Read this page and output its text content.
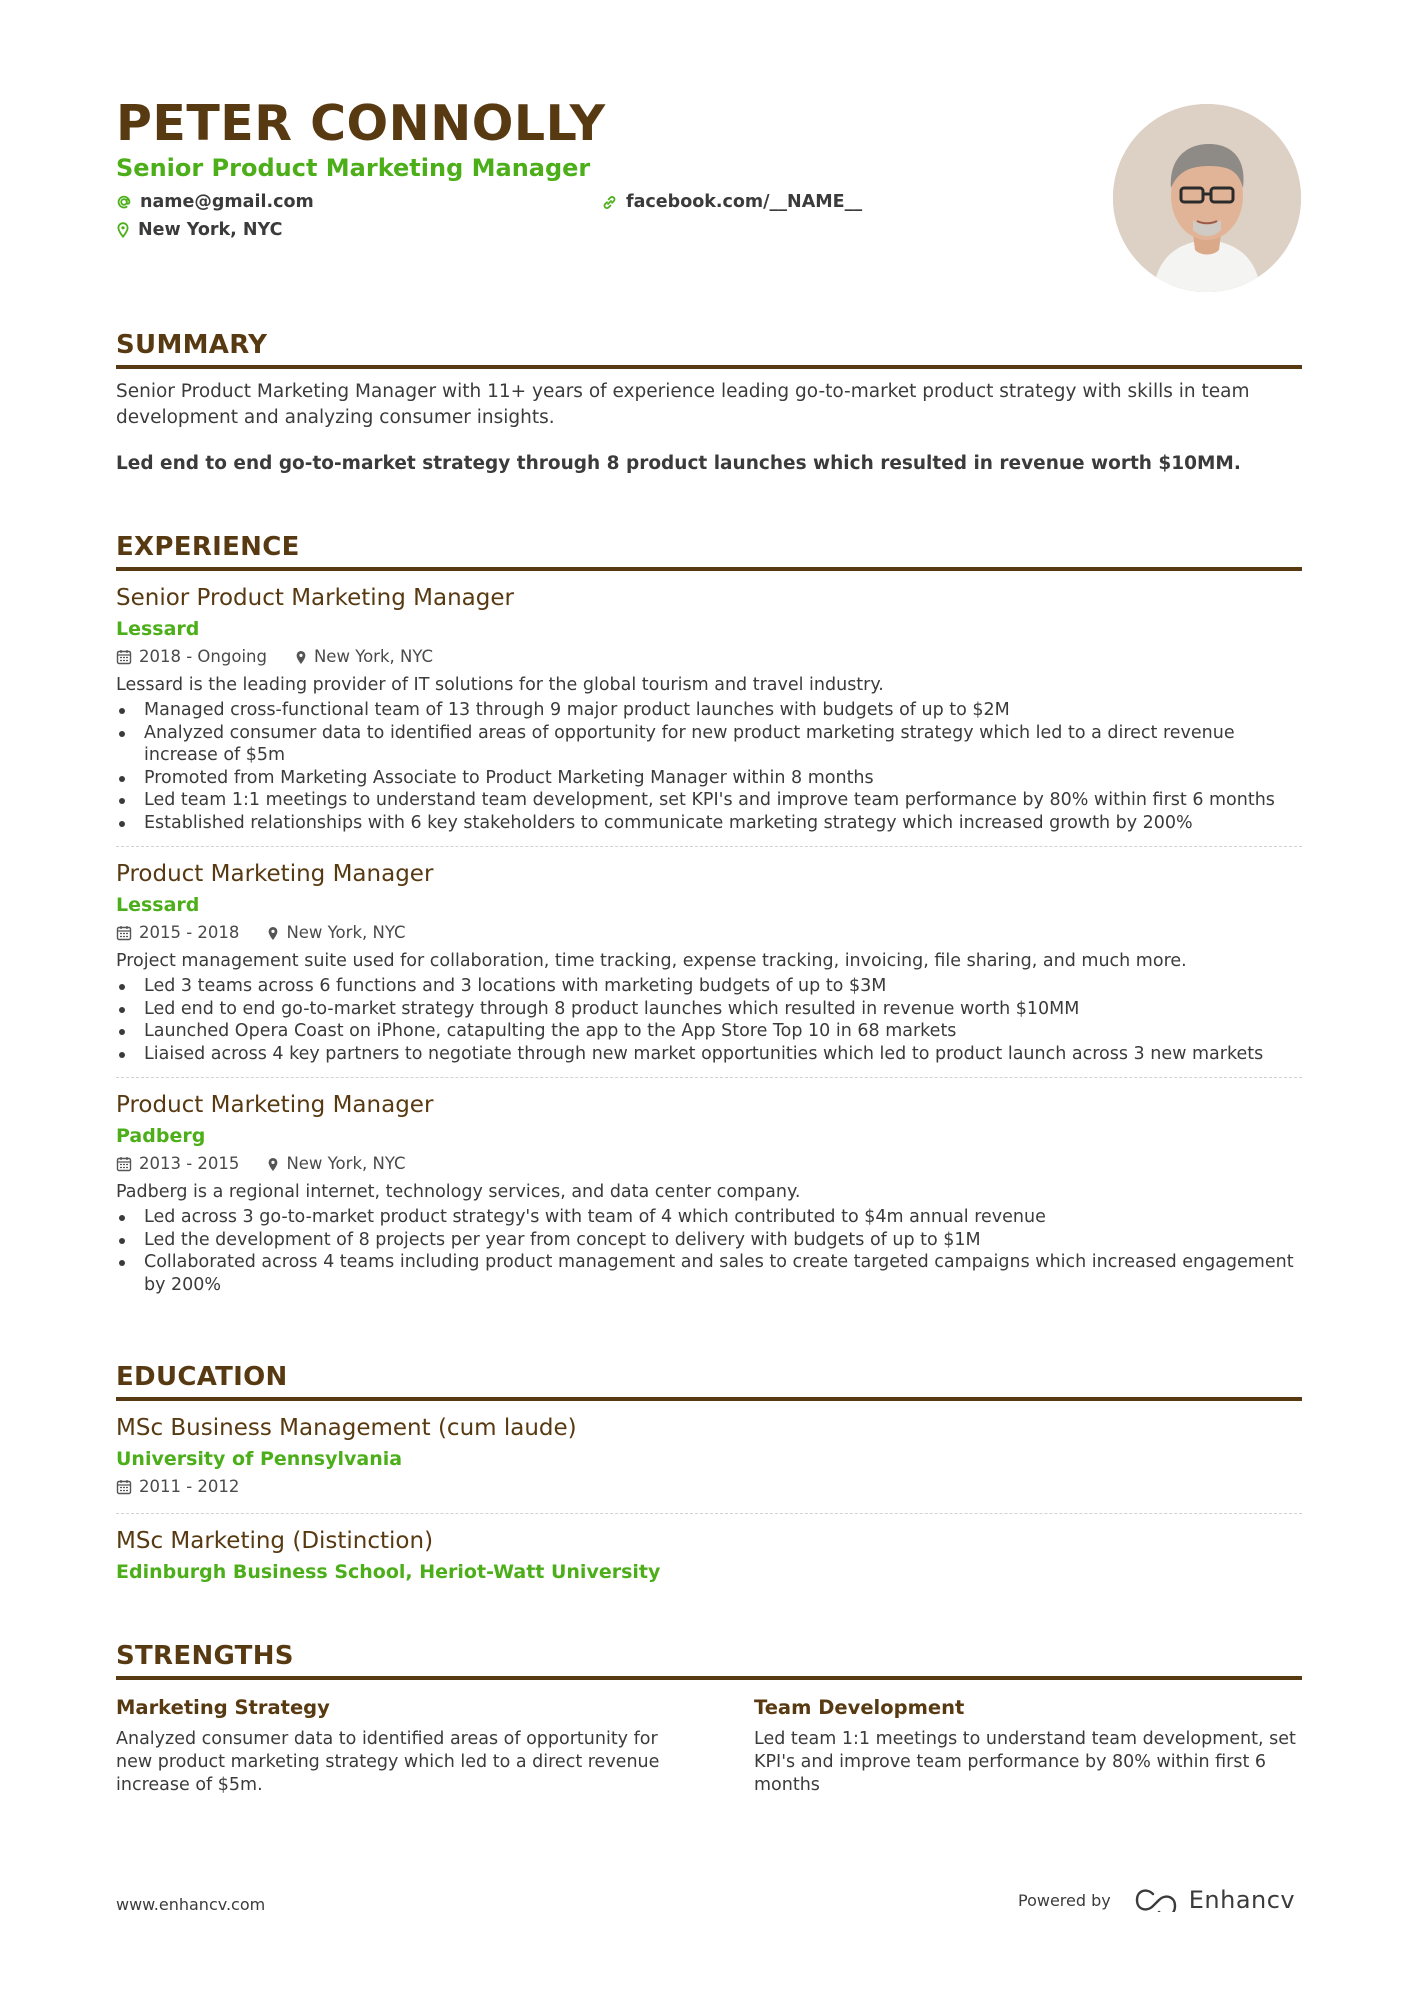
PETER CONNOLLY
Senior Product Marketing Manager
name@gmail.com	facebook.com/__NAME__
New York, NYC
SUMMARY
Senior Product Marketing Manager with 11+ years of experience leading go-to-market product strategy with skills in team development and analyzing consumer insights.
Led end to end go-to-market strategy through 8 product launches which resulted in revenue worth $10MM.
EXPERIENCE
Senior Product Marketing Manager
Lessard
2018 - Ongoing	New York, NYC
Lessard is the leading provider of IT solutions for the global tourism and travel industry.
Managed cross-functional team of 13 through 9 major product launches with budgets of up to $2M
Analyzed consumer data to identified areas of opportunity for new product marketing strategy which led to a direct revenue increase of $5m
Promoted from Marketing Associate to Product Marketing Manager within 8 months
Led team 1:1 meetings to understand team development, set KPI's and improve team performance by 80% within first 6 months
Established relationships with 6 key stakeholders to communicate marketing strategy which increased growth by 200%
Product Marketing Manager
Lessard
2015 - 2018	New York, NYC
Project management suite used for collaboration, time tracking, expense tracking, invoicing, file sharing, and much more.
Led 3 teams across 6 functions and 3 locations with marketing budgets of up to $3M
Led end to end go-to-market strategy through 8 product launches which resulted in revenue worth $10MM
Launched Opera Coast on iPhone, catapulting the app to the App Store Top 10 in 68 markets
Liaised across 4 key partners to negotiate through new market opportunities which led to product launch across 3 new markets
Product Marketing Manager
Padberg
2013 - 2015	New York, NYC
Padberg is a regional internet, technology services, and data center company.
Led across 3 go-to-market product strategy's with team of 4 which contributed to $4m annual revenue
Led the development of 8 projects per year from concept to delivery with budgets of up to $1M
Collaborated across 4 teams including product management and sales to create targeted campaigns which increased engagement by 200%
EDUCATION
MSc Business Management (cum laude)
University of Pennsylvania
2011 - 2012
MSc Marketing (Distinction)
Edinburgh Business School, Heriot-Watt University
STRENGTHS
Marketing Strategy
Analyzed consumer data to identified areas of opportunity for new product marketing strategy which led to a direct revenue increase of $5m.
Team Development
Led team 1:1 meetings to understand team development, set KPI's and improve team performance by 80% within first 6 months
www.enhancv.com	Powered by	Enhancv
